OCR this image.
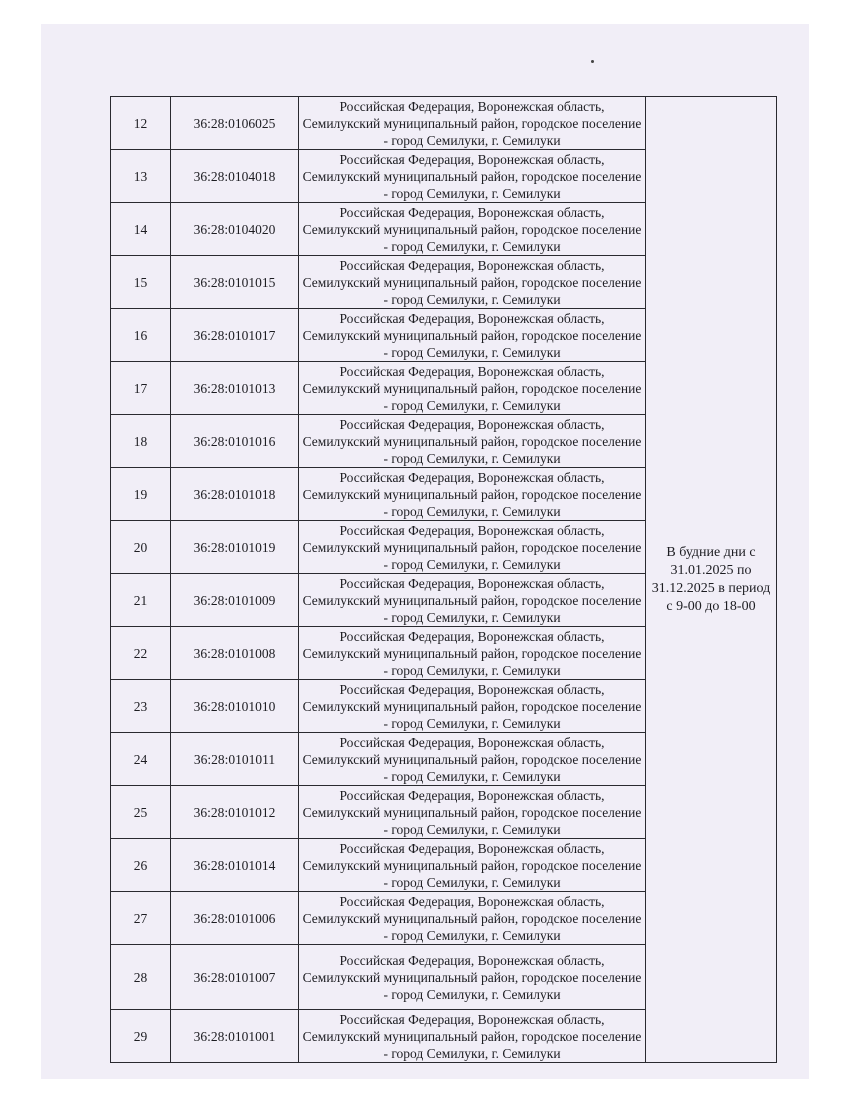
12	36:28:0106025	Российская Федерация, Воронежская область, Семилукский муниципальный район, городское поселение - город Семилуки, г. Семилуки	В будние дни с 31.01.2025 по 31.12.2025 в период с 9-00 до 18-00
13	36:28:0104018	Российская Федерация, Воронежская область, Семилукский муниципальный район, городское поселение - город Семилуки, г. Семилуки	
14	36:28:0104020	Российская Федерация, Воронежская область, Семилукский муниципальный район, городское поселение - город Семилуки, г. Семилуки	
15	36:28:0101015	Российская Федерация, Воронежская область, Семилукский муниципальный район, городское поселение - город Семилуки, г. Семилуки	
16	36:28:0101017	Российская Федерация, Воронежская область, Семилукский муниципальный район, городское поселение - город Семилуки, г. Семилуки	
17	36:28:0101013	Российская Федерация, Воронежская область, Семилукский муниципальный район, городское поселение - город Семилуки, г. Семилуки	
18	36:28:0101016	Российская Федерация, Воронежская область, Семилукский муниципальный район, городское поселение - город Семилуки, г. Семилуки	
19	36:28:0101018	Российская Федерация, Воронежская область, Семилукский муниципальный район, городское поселение - город Семилуки, г. Семилуки	
20	36:28:0101019	Российская Федерация, Воронежская область, Семилукский муниципальный район, городское поселение - город Семилуки, г. Семилуки	
21	36:28:0101009	Российская Федерация, Воронежская область, Семилукский муниципальный район, городское поселение - город Семилуки, г. Семилуки	
22	36:28:0101008	Российская Федерация, Воронежская область, Семилукский муниципальный район, городское поселение - город Семилуки, г. Семилуки	
23	36:28:0101010	Российская Федерация, Воронежская область, Семилукский муниципальный район, городское поселение - город Семилуки, г. Семилуки	
24	36:28:0101011	Российская Федерация, Воронежская область, Семилукский муниципальный район, городское поселение - город Семилуки, г. Семилуки	
25	36:28:0101012	Российская Федерация, Воронежская область, Семилукский муниципальный район, городское поселение - город Семилуки, г. Семилуки	
26	36:28:0101014	Российская Федерация, Воронежская область, Семилукский муниципальный район, городское поселение - город Семилуки, г. Семилуки	
27	36:28:0101006	Российская Федерация, Воронежская область, Семилукский муниципальный район, городское поселение - город Семилуки, г. Семилуки	
28	36:28:0101007	Российская Федерация, Воронежская область, Семилукский муниципальный район, городское поселение - город Семилуки, г. Семилуки	
29	36:28:0101001	Российская Федерация, Воронежская область, Семилукский муниципальный район, городское поселение - город Семилуки, г. Семилуки	
